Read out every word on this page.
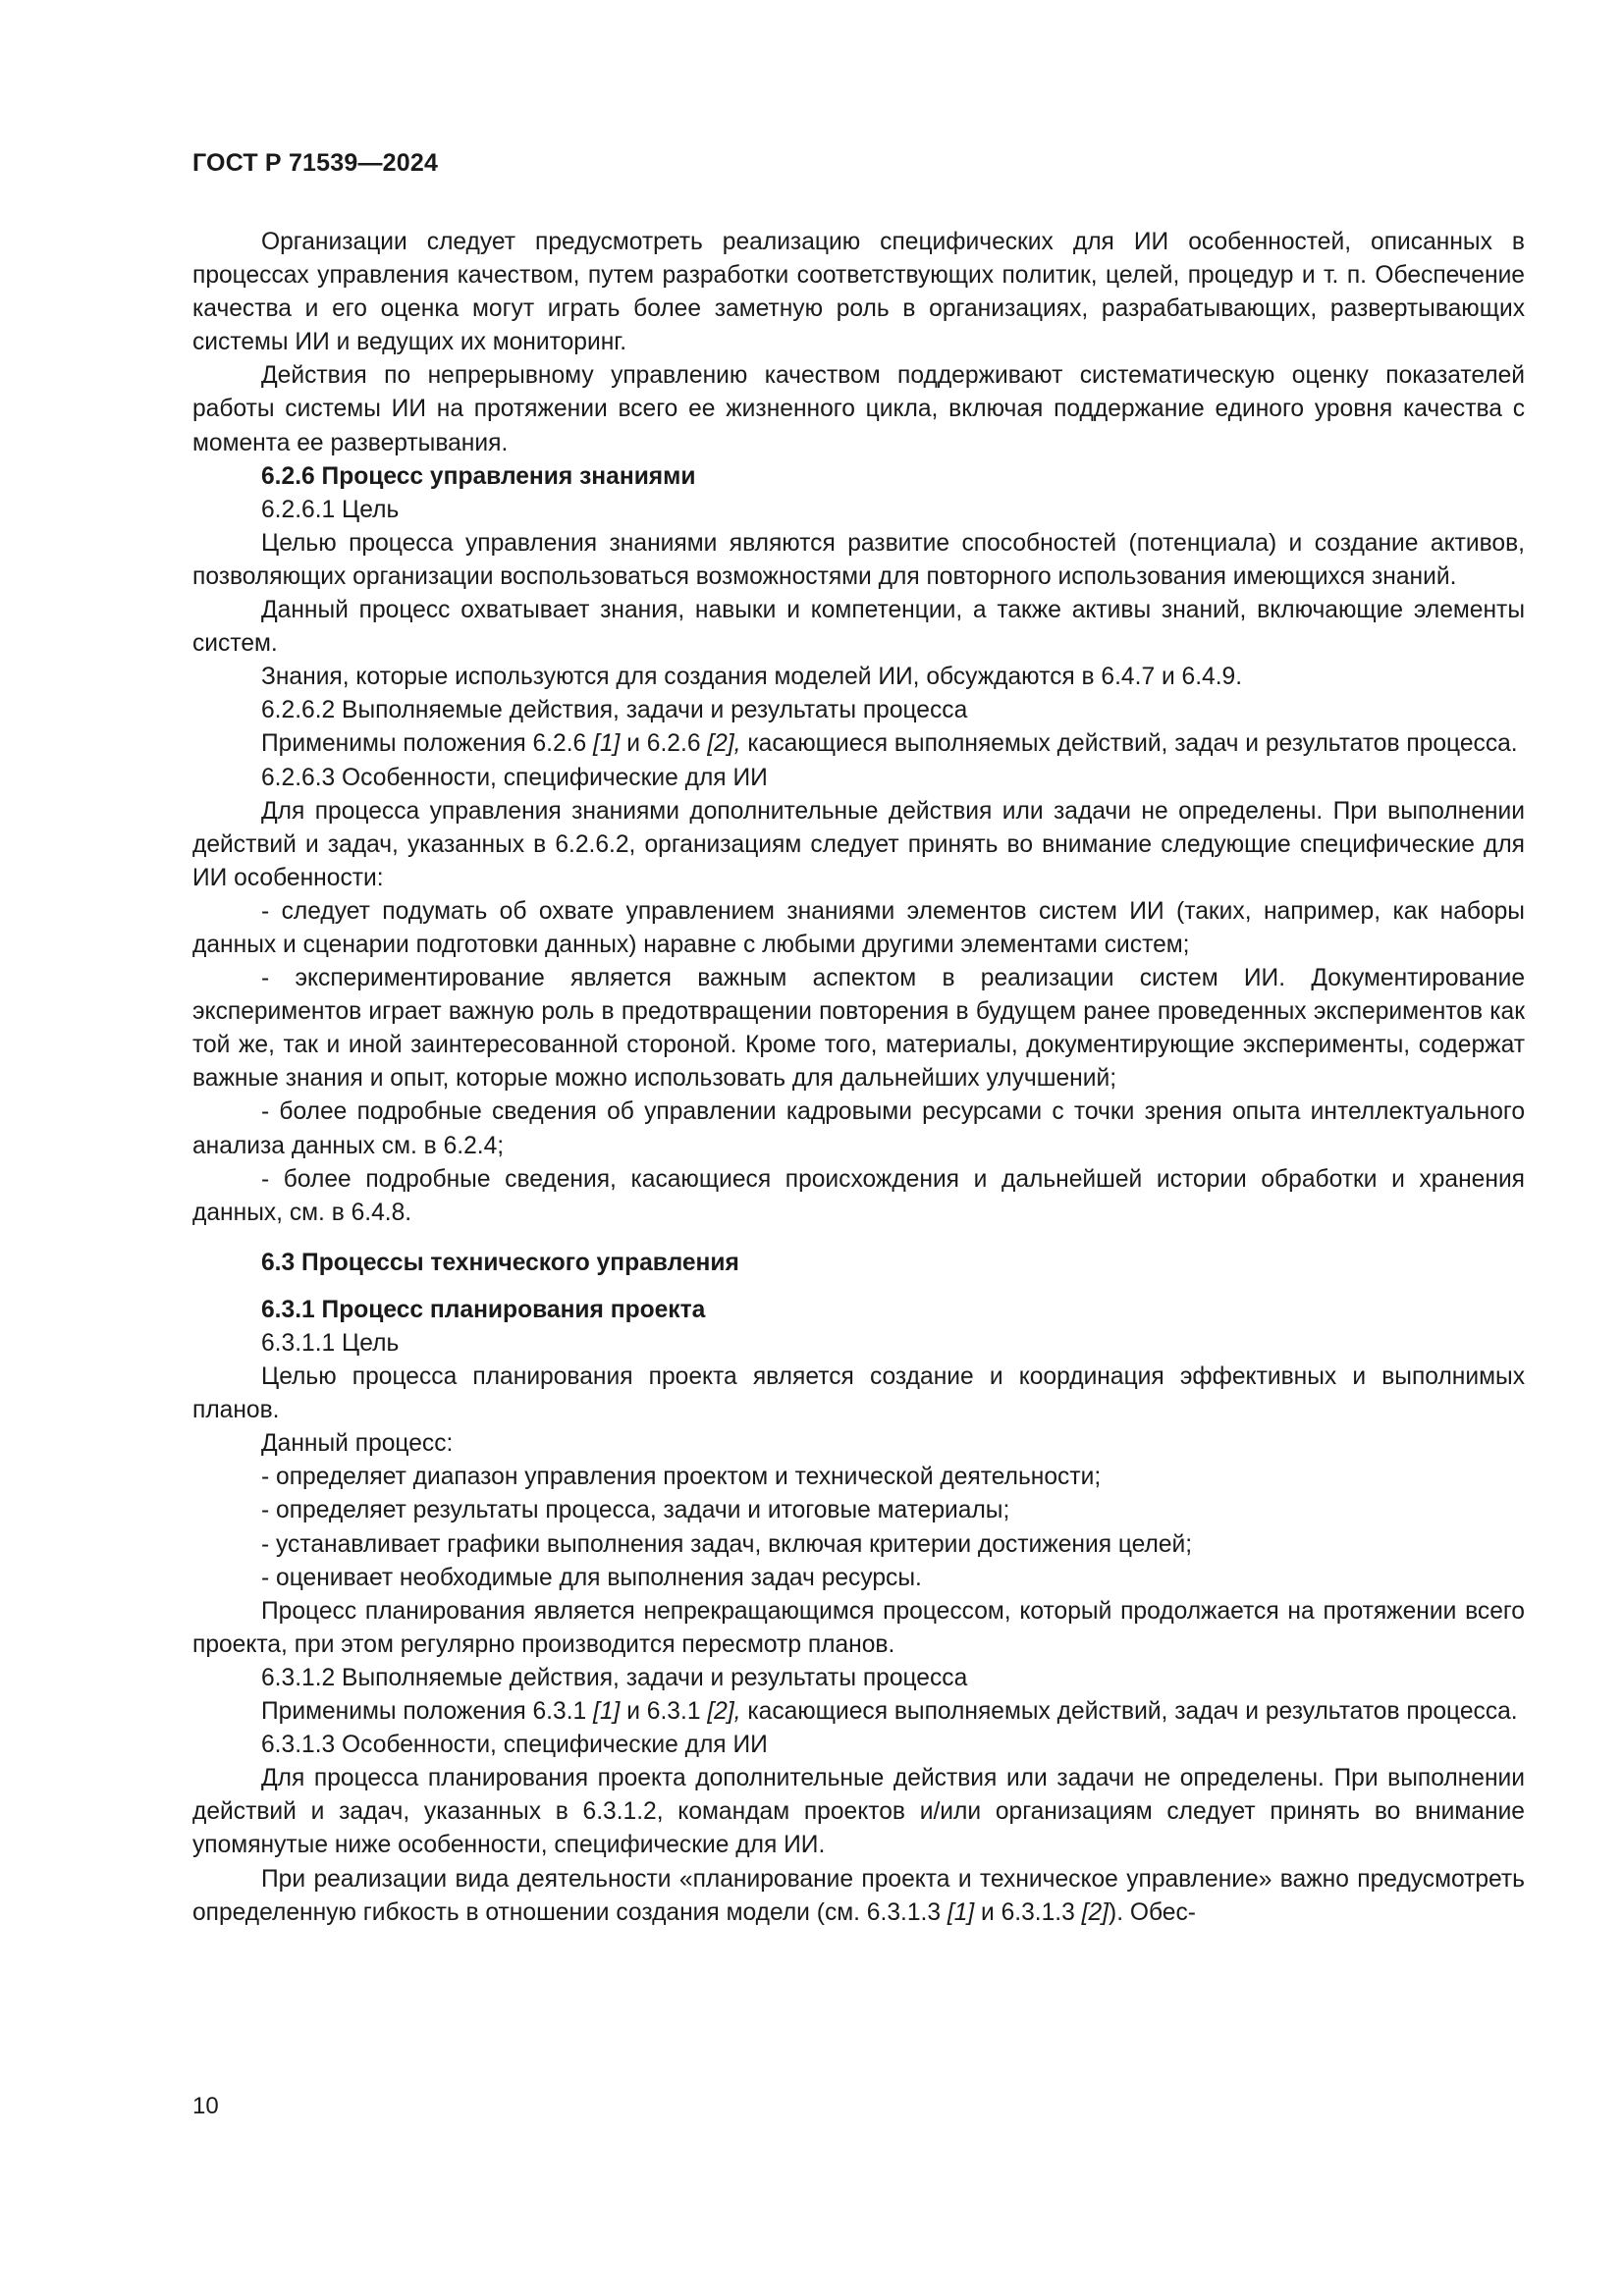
ГОСТ Р 71539—2024

Организации следует предусмотреть реализацию специфических для ИИ особенностей, описанных в процессах управления качеством, путем разработки соответствующих политик, целей, процедур и т. п. Обеспечение качества и его оценка могут играть более заметную роль в организациях, разрабатывающих, развертывающих системы ИИ и ведущих их мониторинг.

Действия по непрерывному управлению качеством поддерживают систематическую оценку показателей работы системы ИИ на протяжении всего ее жизненного цикла, включая поддержание единого уровня качества с момента ее развертывания.

6.2.6 Процесс управления знаниями

6.2.6.1 Цель

Целью процесса управления знаниями являются развитие способностей (потенциала) и создание активов, позволяющих организации воспользоваться возможностями для повторного использования имеющихся знаний.

Данный процесс охватывает знания, навыки и компетенции, а также активы знаний, включающие элементы систем.

Знания, которые используются для создания моделей ИИ, обсуждаются в 6.4.7 и 6.4.9.

6.2.6.2 Выполняемые действия, задачи и результаты процесса

Применимы положения 6.2.6 [1] и 6.2.6 [2], касающиеся выполняемых действий, задач и результатов процесса.

6.2.6.3 Особенности, специфические для ИИ

Для процесса управления знаниями дополнительные действия или задачи не определены. При выполнении действий и задач, указанных в 6.2.6.2, организациям следует принять во внимание следующие специфические для ИИ особенности:

- следует подумать об охвате управлением знаниями элементов систем ИИ (таких, например, как наборы данных и сценарии подготовки данных) наравне с любыми другими элементами систем;

- экспериментирование является важным аспектом в реализации систем ИИ. Документирование экспериментов играет важную роль в предотвращении повторения в будущем ранее проведенных экспериментов как той же, так и иной заинтересованной стороной. Кроме того, материалы, документирующие эксперименты, содержат важные знания и опыт, которые можно использовать для дальнейших улучшений;

- более подробные сведения об управлении кадровыми ресурсами с точки зрения опыта интеллектуального анализа данных см. в 6.2.4;

- более подробные сведения, касающиеся происхождения и дальнейшей истории обработки и хранения данных, см. в 6.4.8.

6.3 Процессы технического управления

6.3.1 Процесс планирования проекта

6.3.1.1 Цель

Целью процесса планирования проекта является создание и координация эффективных и выполнимых планов.

Данный процесс:

- определяет диапазон управления проектом и технической деятельности;

- определяет результаты процесса, задачи и итоговые материалы;

- устанавливает графики выполнения задач, включая критерии достижения целей;

- оценивает необходимые для выполнения задач ресурсы.

Процесс планирования является непрекращающимся процессом, который продолжается на протяжении всего проекта, при этом регулярно производится пересмотр планов.

6.3.1.2 Выполняемые действия, задачи и результаты процесса

Применимы положения 6.3.1 [1] и 6.3.1 [2], касающиеся выполняемых действий, задач и результатов процесса.

6.3.1.3 Особенности, специфические для ИИ

Для процесса планирования проекта дополнительные действия или задачи не определены. При выполнении действий и задач, указанных в 6.3.1.2, командам проектов и/или организациям следует принять во внимание упомянутые ниже особенности, специфические для ИИ.

При реализации вида деятельности «планирование проекта и техническое управление» важно предусмотреть определенную гибкость в отношении создания модели (см. 6.3.1.3 [1] и 6.3.1.3 [2]). Обес-

10
